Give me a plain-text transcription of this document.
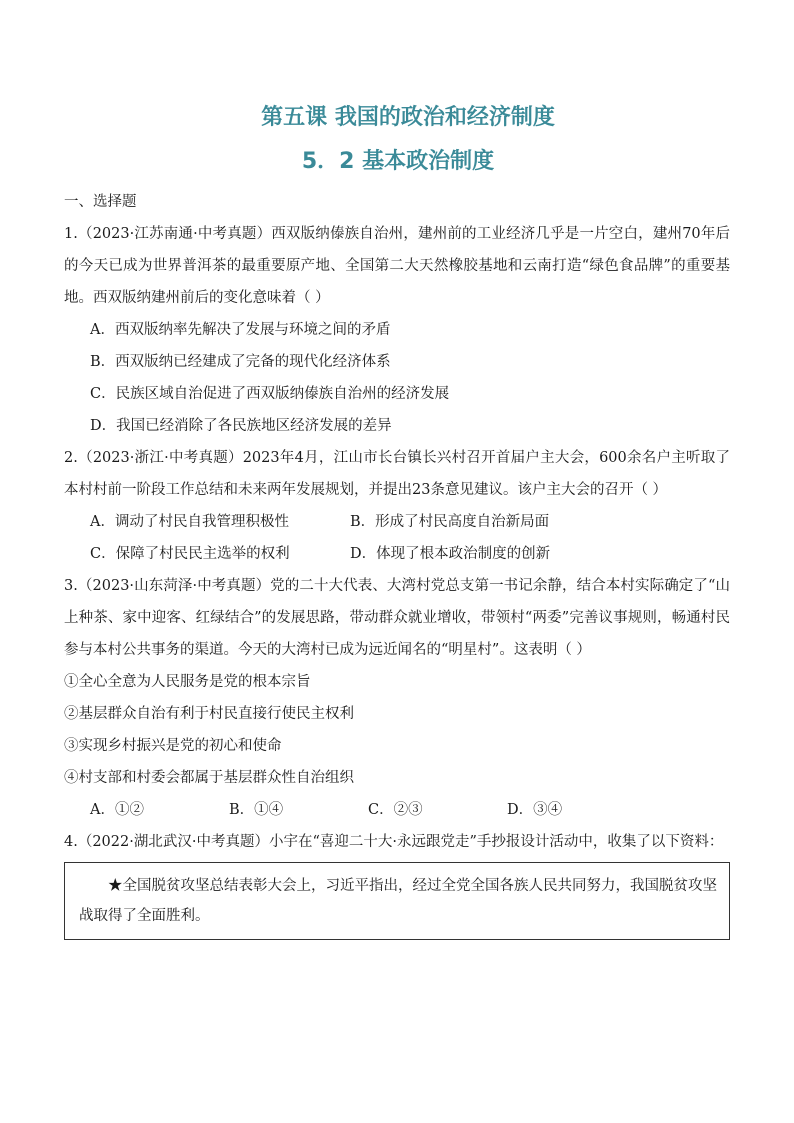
第五课 我国的政治和经济制度
5．2 基本政治制度

一、选择题

1.（2023·江苏南通·中考真题）西双版纳傣族自治州，建州前的工业经济几乎是一片空白，建州70年后的今天已成为世界普洱茶的最重要原产地、全国第二大天然橡胶基地和云南打造“绿色食品牌”的重要基地。西双版纳建州前后的变化意味着（ ）

A．西双版纳率先解决了发展与环境之间的矛盾

B．西双版纳已经建成了完备的现代化经济体系

C．民族区域自治促进了西双版纳傣族自治州的经济发展

D．我国已经消除了各民族地区经济发展的差异

2.（2023·浙江·中考真题）2023年4月，江山市长台镇长兴村召开首届户主大会，600余名户主听取了本村村前一阶段工作总结和未来两年发展规划，并提出23条意见建议。该户主大会的召开（ ）

A．调动了村民自我管理积极性	B．形成了村民高度自治新局面
C．保障了村民民主选举的权利	D．体现了根本政治制度的创新

3.（2023·山东菏泽·中考真题）党的二十大代表、大湾村党总支第一书记余静，结合本村实际确定了“山上种茶、家中迎客、红绿结合”的发展思路，带动群众就业增收，带领村“两委”完善议事规则，畅通村民参与本村公共事务的渠道。今天的大湾村已成为远近闻名的“明星村”。这表明（ ）

①全心全意为人民服务是党的根本宗旨

②基层群众自治有利于村民直接行使民主权利

③实现乡村振兴是党的初心和使命

④村支部和村委会都属于基层群众性自治组织

A．①②	B．①④	C．②③	D．③④

4.（2022·湖北武汉·中考真题）小宇在“喜迎二十大·永远跟党走”手抄报设计活动中，收集了以下资料：

★全国脱贫攻坚总结表彰大会上，习近平指出，经过全党全国各族人民共同努力，我国脱贫攻坚战取得了全面胜利。
